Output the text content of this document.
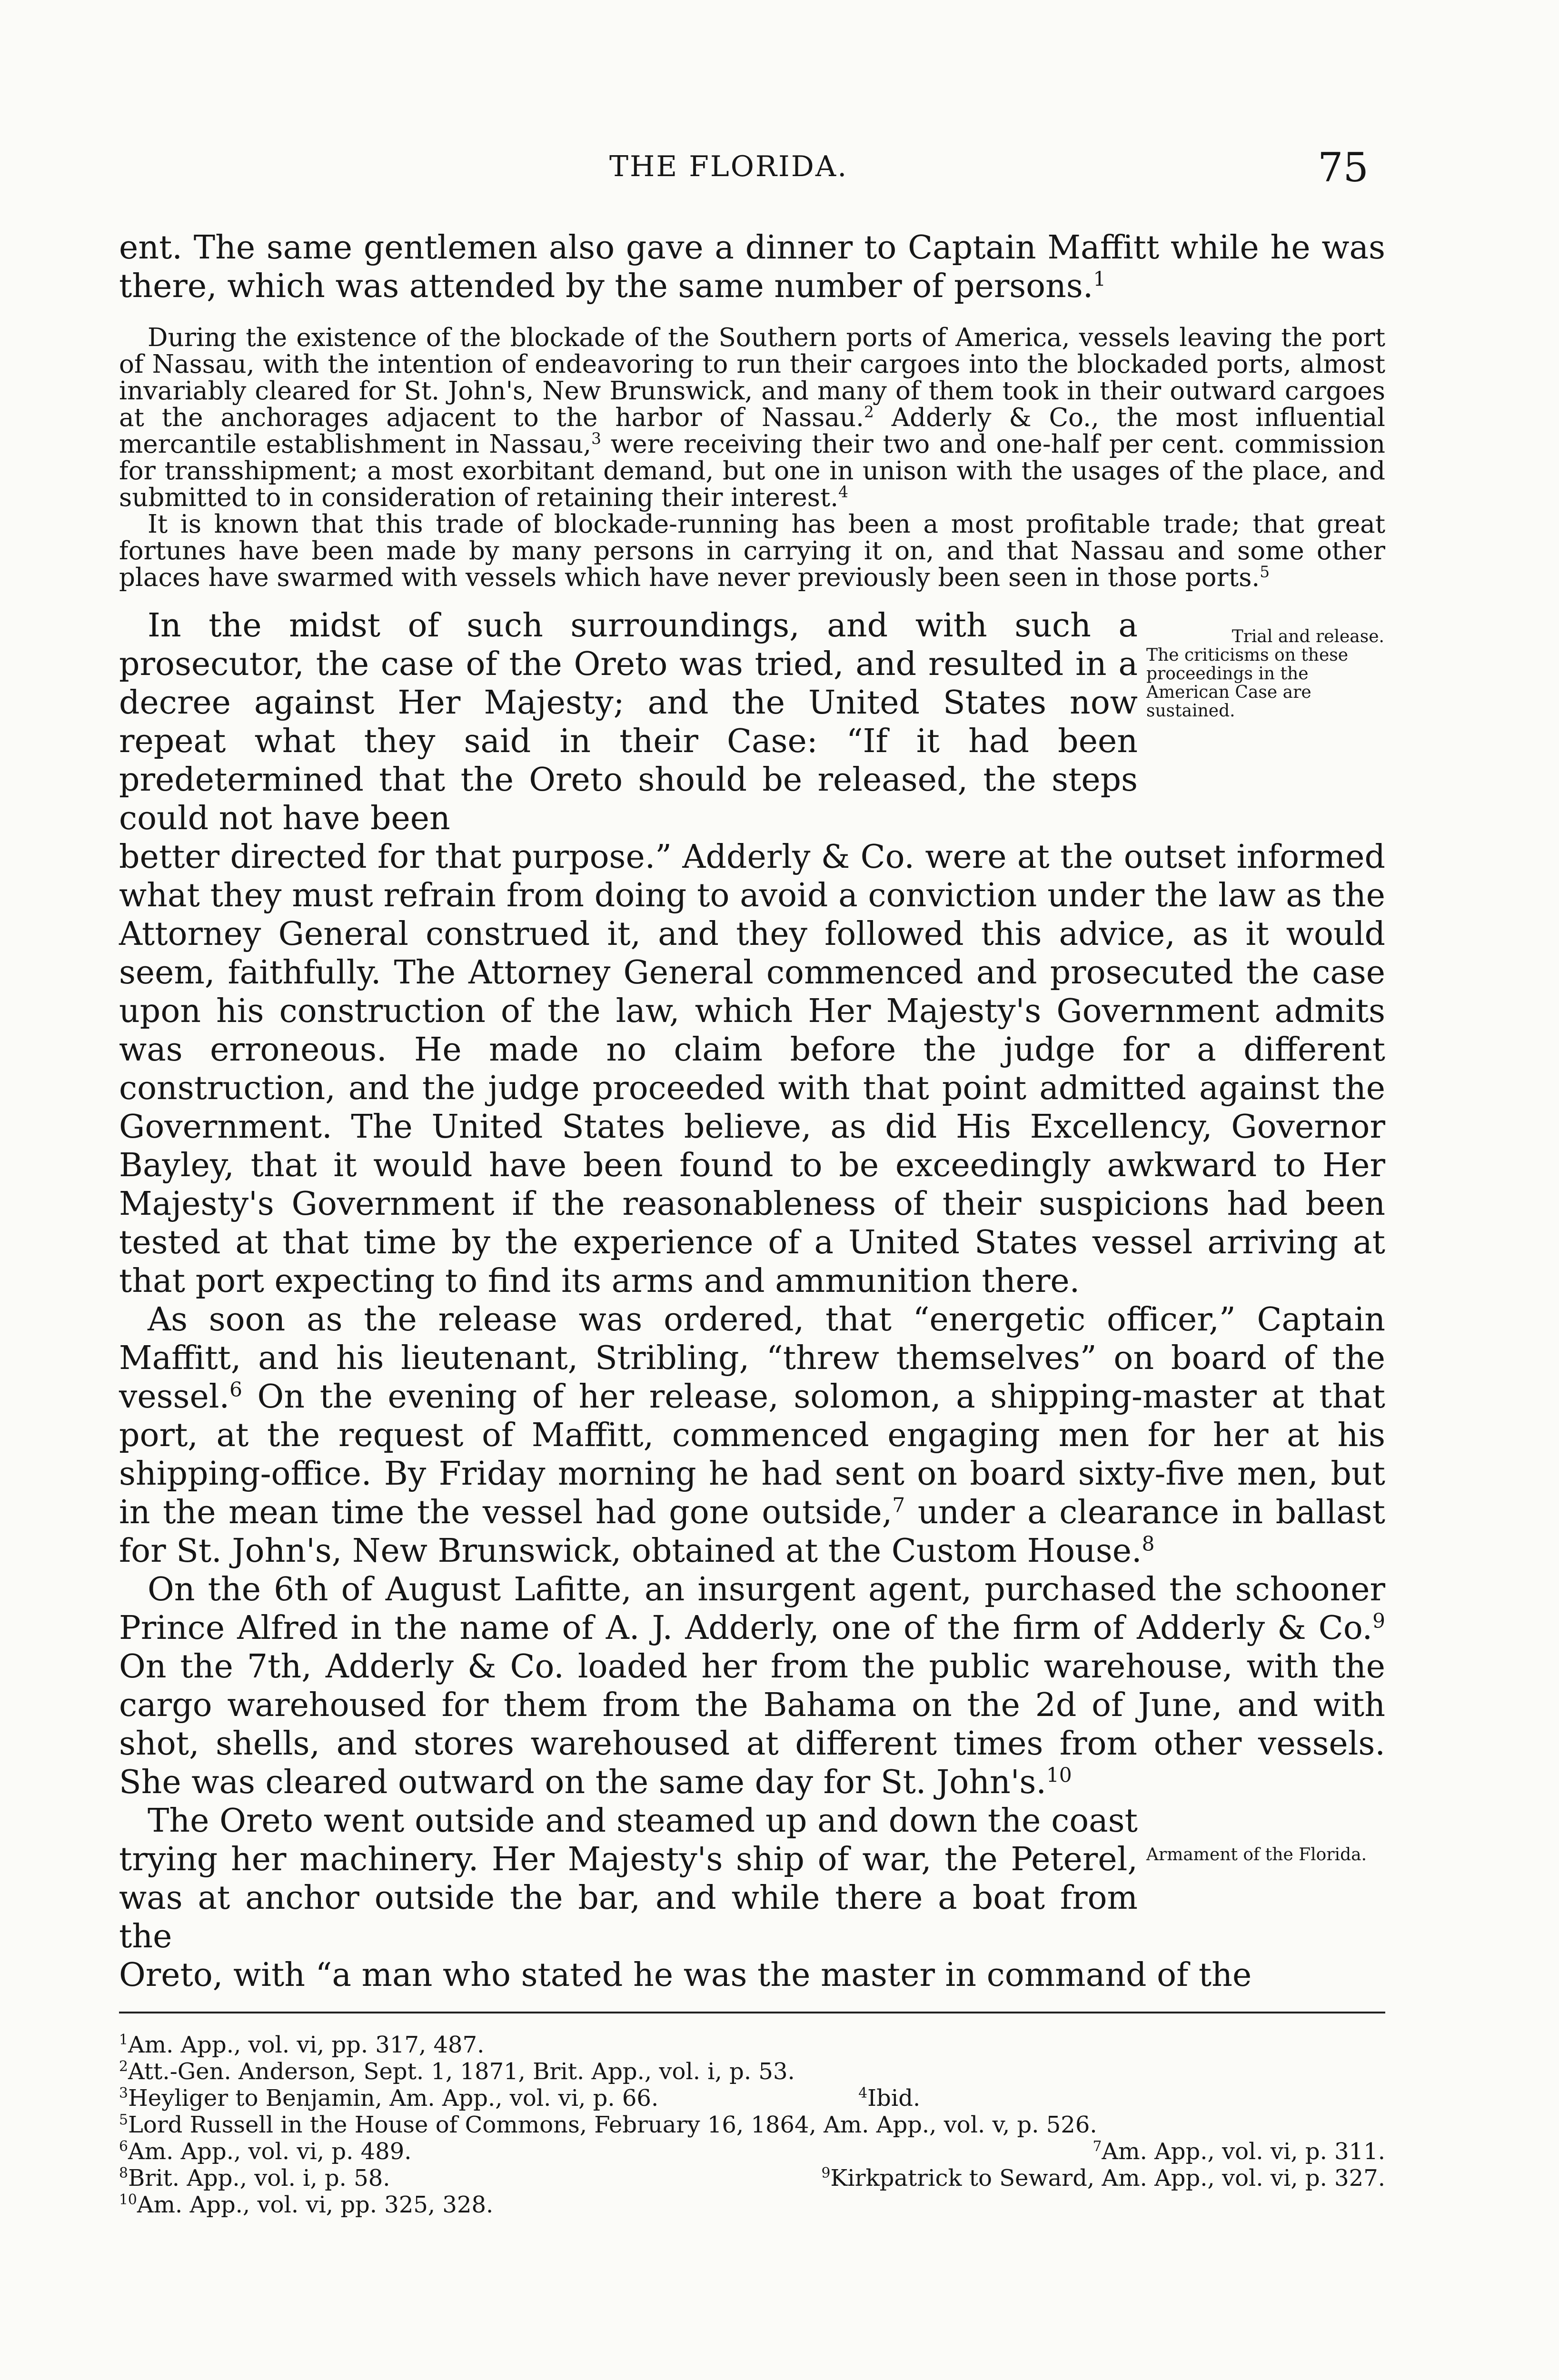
THE FLORIDA.	75

ent. The same gentlemen also gave a dinner to Captain Maffitt while he was there, which was attended by the same number of persons.$^1$

During the existence of the blockade of the Southern ports of America, vessels leaving the port of Nassau, with the intention of endeavoring to run their cargoes into the blockaded ports, almost invariably cleared for St. John's, New Brunswick, and many of them took in their outward cargoes at the anchorages adjacent to the harbor of Nassau.$^2$ Adderly & Co., the most influential mercantile establishment in Nassau,$^3$ were receiving their two and one-half per cent. commission for transshipment; a most exorbitant demand, but one in unison with the usages of the place, and submitted to in consideration of retaining their interest.$^4$

It is known that this trade of blockade-running has been a most profitable trade; that great fortunes have been made by many persons in carrying it on, and that Nassau and some other places have swarmed with vessels which have never previously been seen in those ports.$^5$

In the midst of such surroundings, and with such a prosecutor, the case of the Oreto was tried, and resulted in a decree against Her Majesty; and the United States now repeat what they said in their Case: “If it had been predetermined that the Oreto should be released, the steps could not have been

Trial and release.
The criticisms on these proceedings in the American Case are sustained.

better directed for that purpose.” Adderly & Co. were at the outset informed what they must refrain from doing to avoid a conviction under the law as the Attorney General construed it, and they followed this advice, as it would seem, faithfully. The Attorney General commenced and prosecuted the case upon his construction of the law, which Her Majesty's Government admits was erroneous. He made no claim before the judge for a different construction, and the judge proceeded with that point admitted against the Government. The United States believe, as did His Excellency, Governor Bayley, that it would have been found to be exceedingly awkward to Her Majesty's Government if the reasonableness of their suspicions had been tested at that time by the experience of a United States vessel arriving at that port expecting to find its arms and ammunition there.

As soon as the release was ordered, that “energetic officer,” Captain Maffitt, and his lieutenant, Stribling, “threw themselves” on board of the vessel.$^6$ On the evening of her release, solomon, a shipping-master at that port, at the request of Maffitt, commenced engaging men for her at his shipping-office. By Friday morning he had sent on board sixty-five men, but in the mean time the vessel had gone outside,$^7$ under a clearance in ballast for St. John's, New Brunswick, obtained at the Custom House.$^8$

On the 6th of August Lafitte, an insurgent agent, purchased the schooner Prince Alfred in the name of A. J. Adderly, one of the firm of Adderly & Co.$^9$ On the 7th, Adderly & Co. loaded her from the public warehouse, with the cargo warehoused for them from the Bahama on the 2d of June, and with shot, shells, and stores warehoused at different times from other vessels. She was cleared outward on the same day for St. John's.$^{10}$

The Oreto went outside and steamed up and down the coast trying her machinery. Her Majesty's ship of war, the Peterel, was at anchor outside the bar, and while there a boat from the

Armament of the Florida.

Oreto, with “a man who stated he was the master in command of the

$^1$Am. App., vol. vi, pp. 317, 487.
$^2$Att.-Gen. Anderson, Sept. 1, 1871, Brit. App., vol. i, p. 53.
$^3$Heyliger to Benjamin, Am. App., vol. vi, p. 66.	$^4$Ibid.
$^5$Lord Russell in the House of Commons, February 16, 1864, Am. App., vol. v, p. 526.
$^6$Am. App., vol. vi, p. 489.	$^7$Am. App., vol. vi, p. 311.
$^8$Brit. App., vol. i, p. 58.	$^9$Kirkpatrick to Seward, Am. App., vol. vi, p. 327.
$^{10}$Am. App., vol. vi, pp. 325, 328.
